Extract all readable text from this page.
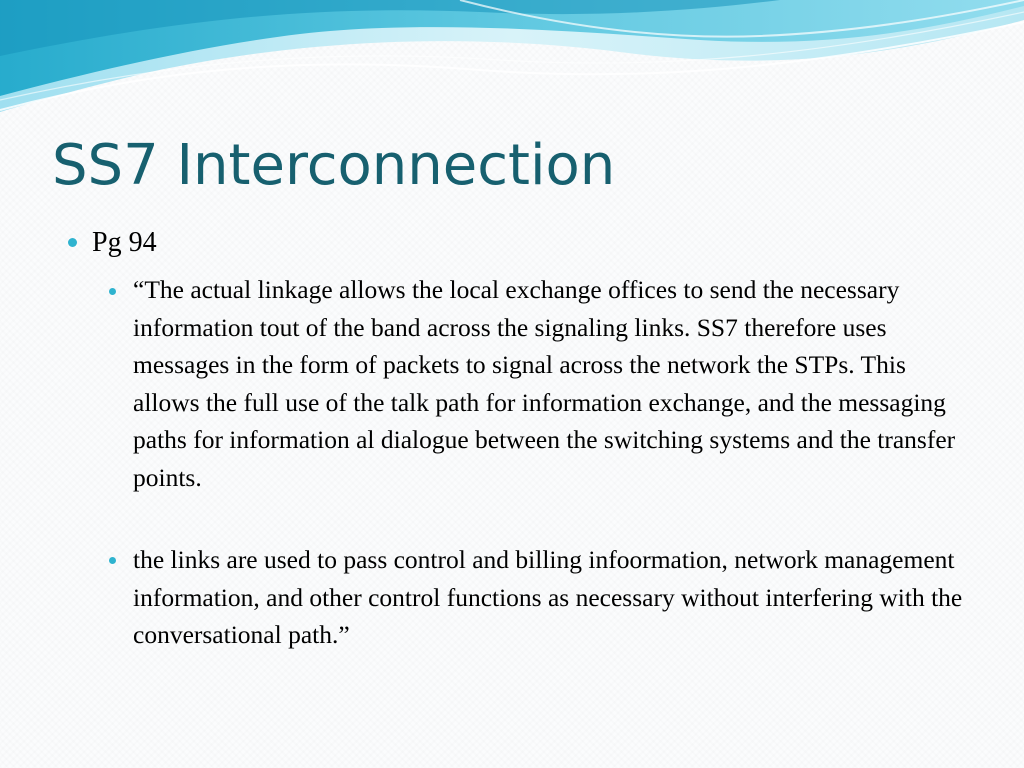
SS7 Interconnection
Pg 94
“The actual linkage allows the local exchange offices to send the necessary information tout of the band across the signaling links. SS7 therefore uses messages in the form of packets to signal across the network the STPs. This allows the full use of the talk path for information exchange, and the messaging paths for information al dialogue between the switching systems and the transfer points.
the links are used to pass control and billing infoormation, network management information, and other control functions as necessary without interfering with the conversational path.”
